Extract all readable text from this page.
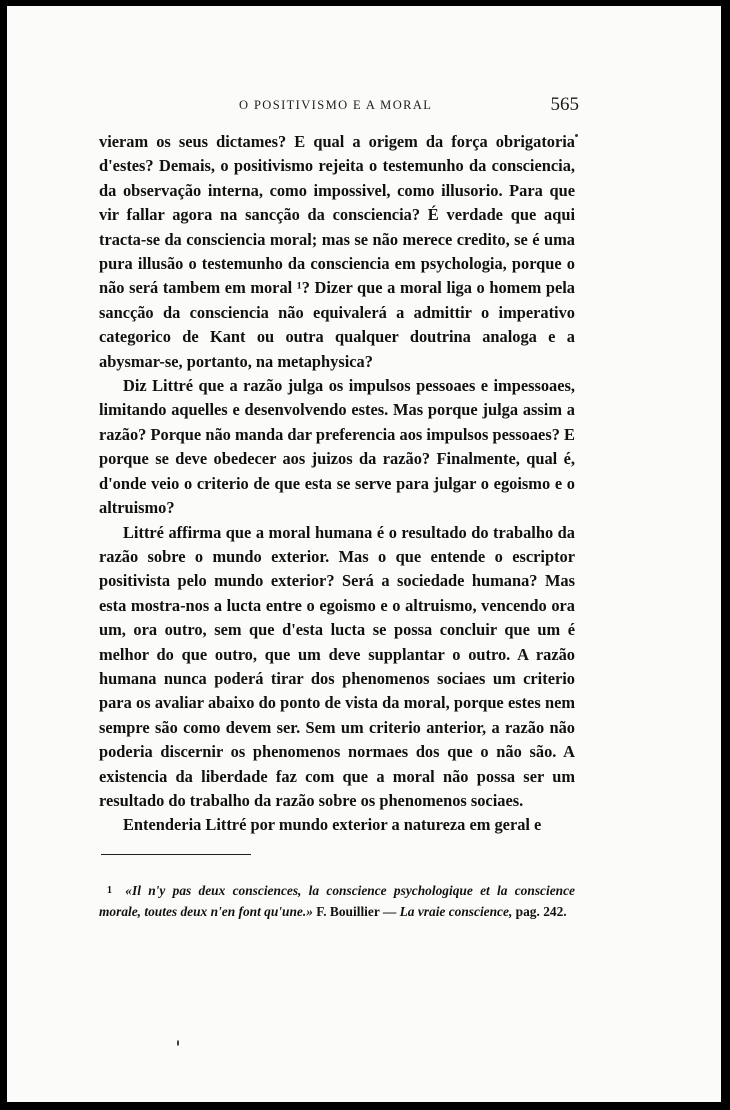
O POSITIVISMO E A MORAL	565

vieram os seus dictames? E qual a origem da força obrigatoria d'estes? Demais, o positivismo rejeita o testemunho da consciencia, da observação interna, como impossivel, como illusorio. Para que vir fallar agora na sancção da consciencia? É verdade que aqui tracta-se da consciencia moral; mas se não merece credito, se é uma pura illusão o testemunho da consciencia em psychologia, porque o não será tambem em moral ¹? Dizer que a moral liga o homem pela sancção da consciencia não equivalerá a admittir o imperativo categorico de Kant ou outra qualquer doutrina analoga e a abysmar-se, portanto, na metaphysica?

Diz Littré que a razão julga os impulsos pessoaes e impessoaes, limitando aquelles e desenvolvendo estes. Mas porque julga assim a razão? Porque não manda dar preferencia aos impulsos pessoaes? E porque se deve obedecer aos juizos da razão? Finalmente, qual é, d'onde veio o criterio de que esta se serve para julgar o egoismo e o altruismo?

Littré affirma que a moral humana é o resultado do trabalho da razão sobre o mundo exterior. Mas o que entende o escriptor positivista pelo mundo exterior? Será a sociedade humana? Mas esta mostra-nos a lucta entre o egoismo e o altruismo, vencendo ora um, ora outro, sem que d'esta lucta se possa concluir que um é melhor do que outro, que um deve supplantar o outro. A razão humana nunca poderá tirar dos phenomenos sociaes um criterio para os avaliar abaixo do ponto de vista da moral, porque estes nem sempre são como devem ser. Sem um criterio anterior, a razão não poderia discernir os phenomenos normaes dos que o não são. A existencia da liberdade faz com que a moral não possa ser um resultado do trabalho da razão sobre os phenomenos sociaes.

Entenderia Littré por mundo exterior a natureza em geral e

1 «Il n'y pas deux consciences, la conscience psychologique et la conscience morale, toutes deux n'en font qu'une.» F. Bouillier — La vraie conscience, pag. 242.
